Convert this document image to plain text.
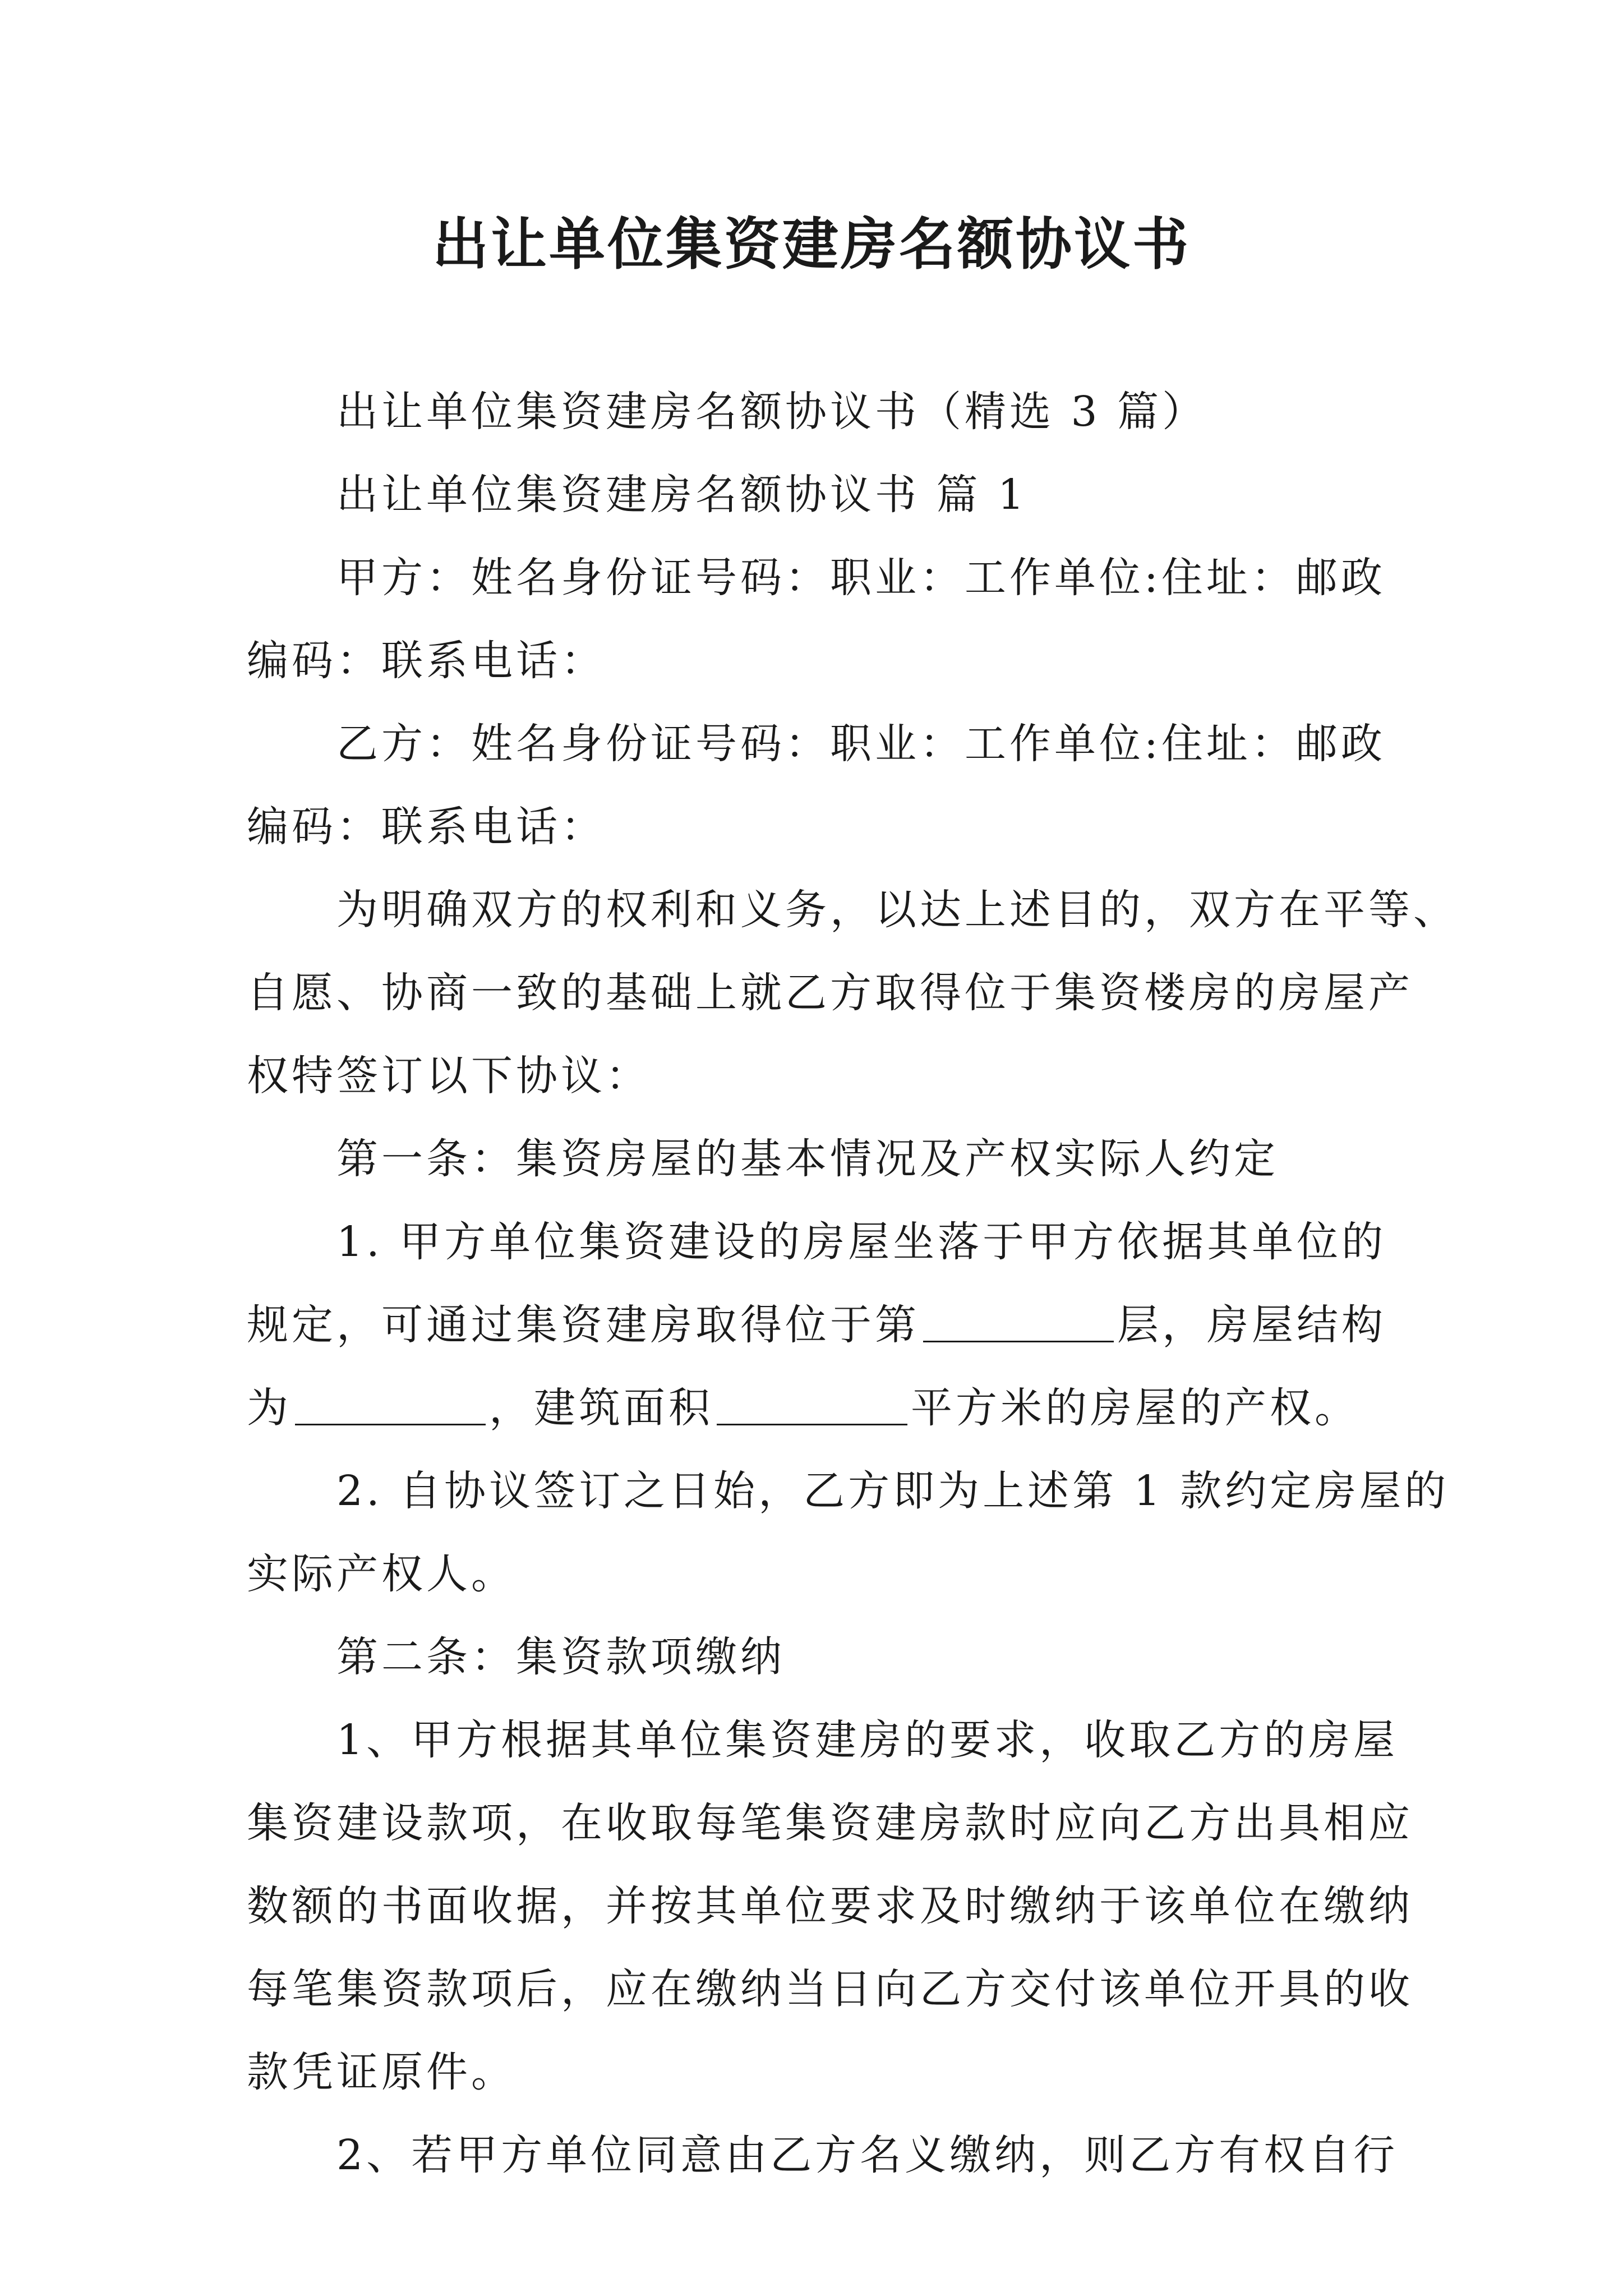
出让单位集资建房名额协议书
出让单位集资建房名额协议书（精选 3 篇）
出让单位集资建房名额协议书 篇 1
甲方：姓名身份证号码：职业：工作单位:住址：邮政
编码：联系电话：
乙方：姓名身份证号码：职业：工作单位:住址：邮政
编码：联系电话：
为明确双方的权利和义务，以达上述目的，双方在平等、
自愿、协商一致的基础上就乙方取得位于集资楼房的房屋产
权特签订以下协议：
第一条：集资房屋的基本情况及产权实际人约定
1. 甲方单位集资建设的房屋坐落于甲方依据其单位的
规定，可通过集资建房取得位于第	层，房屋结构
为	，建筑面积	平方米的房屋的产权。
2. 自协议签订之日始，乙方即为上述第 1 款约定房屋的
实际产权人。
第二条：集资款项缴纳
1、甲方根据其单位集资建房的要求，收取乙方的房屋
集资建设款项，在收取每笔集资建房款时应向乙方出具相应
数额的书面收据，并按其单位要求及时缴纳于该单位在缴纳
每笔集资款项后，应在缴纳当日向乙方交付该单位开具的收
款凭证原件。
2、若甲方单位同意由乙方名义缴纳，则乙方有权自行
